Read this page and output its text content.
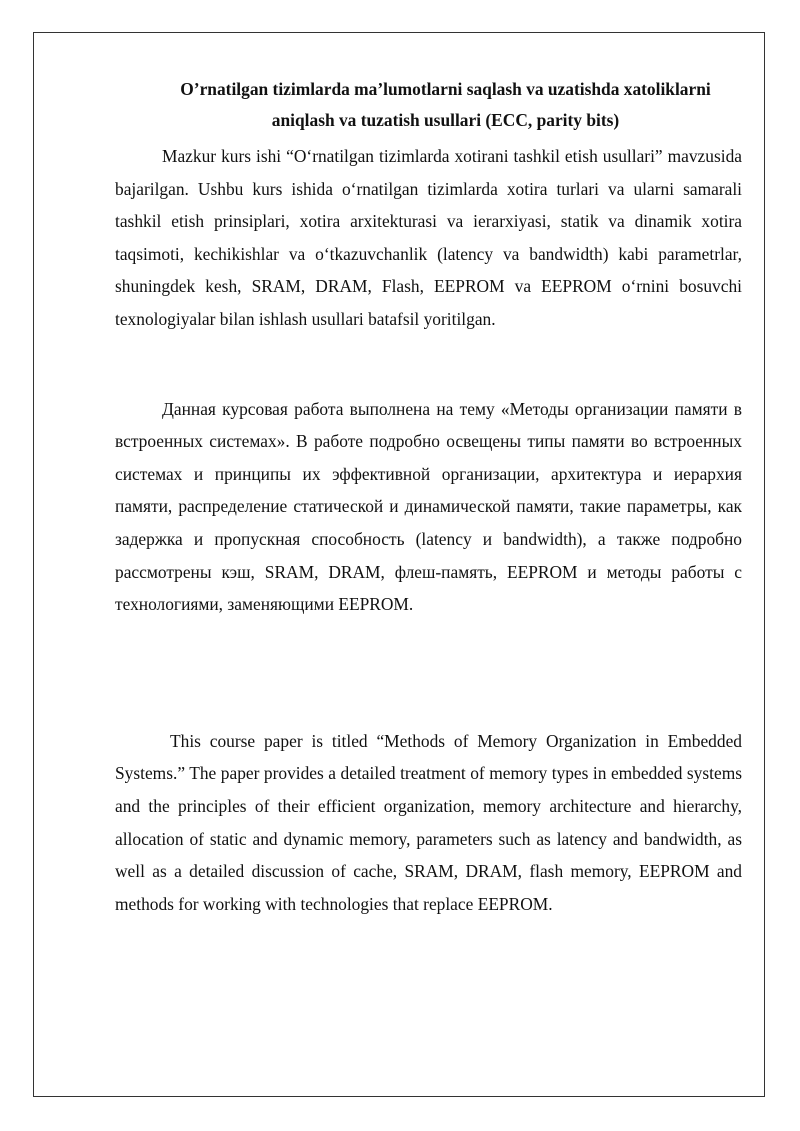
O’rnatilgan tizimlarda ma’lumotlarni saqlash va uzatishda xatoliklarni
aniqlash va tuzatish usullari (ECC, parity bits)

Mazkur kurs ishi “O‘rnatilgan tizimlarda xotirani tashkil etish usullari” mavzusida bajarilgan. Ushbu kurs ishida o‘rnatilgan tizimlarda xotira turlari va ularni samarali tashkil etish prinsiplari, xotira arxitekturasi va ierarxiyasi, statik va dinamik xotira taqsimoti, kechikishlar va o‘tkazuvchanlik (latency va bandwidth) kabi parametrlar, shuningdek kesh, SRAM, DRAM, Flash, EEPROM va EEPROM o‘rnini bosuvchi texnologiyalar bilan ishlash usullari batafsil yoritilgan.

Данная курсовая работа выполнена на тему «Методы организации памяти в встроенных системах». В работе подробно освещены типы памяти во встроенных системах и принципы их эффективной организации, архитектура и иерархия памяти, распределение статической и динамической памяти, такие параметры, как задержка и пропускная способность (latency и bandwidth), а также подробно рассмотрены кэш, SRAM, DRAM, флеш-память, EEPROM и методы работы с технологиями, заменяющими EEPROM.

This course paper is titled “Methods of Memory Organization in Embedded Systems.” The paper provides a detailed treatment of memory types in embedded systems and the principles of their efficient organization, memory architecture and hierarchy, allocation of static and dynamic memory, parameters such as latency and bandwidth, as well as a detailed discussion of cache, SRAM, DRAM, flash memory, EEPROM and methods for working with technologies that replace EEPROM.
